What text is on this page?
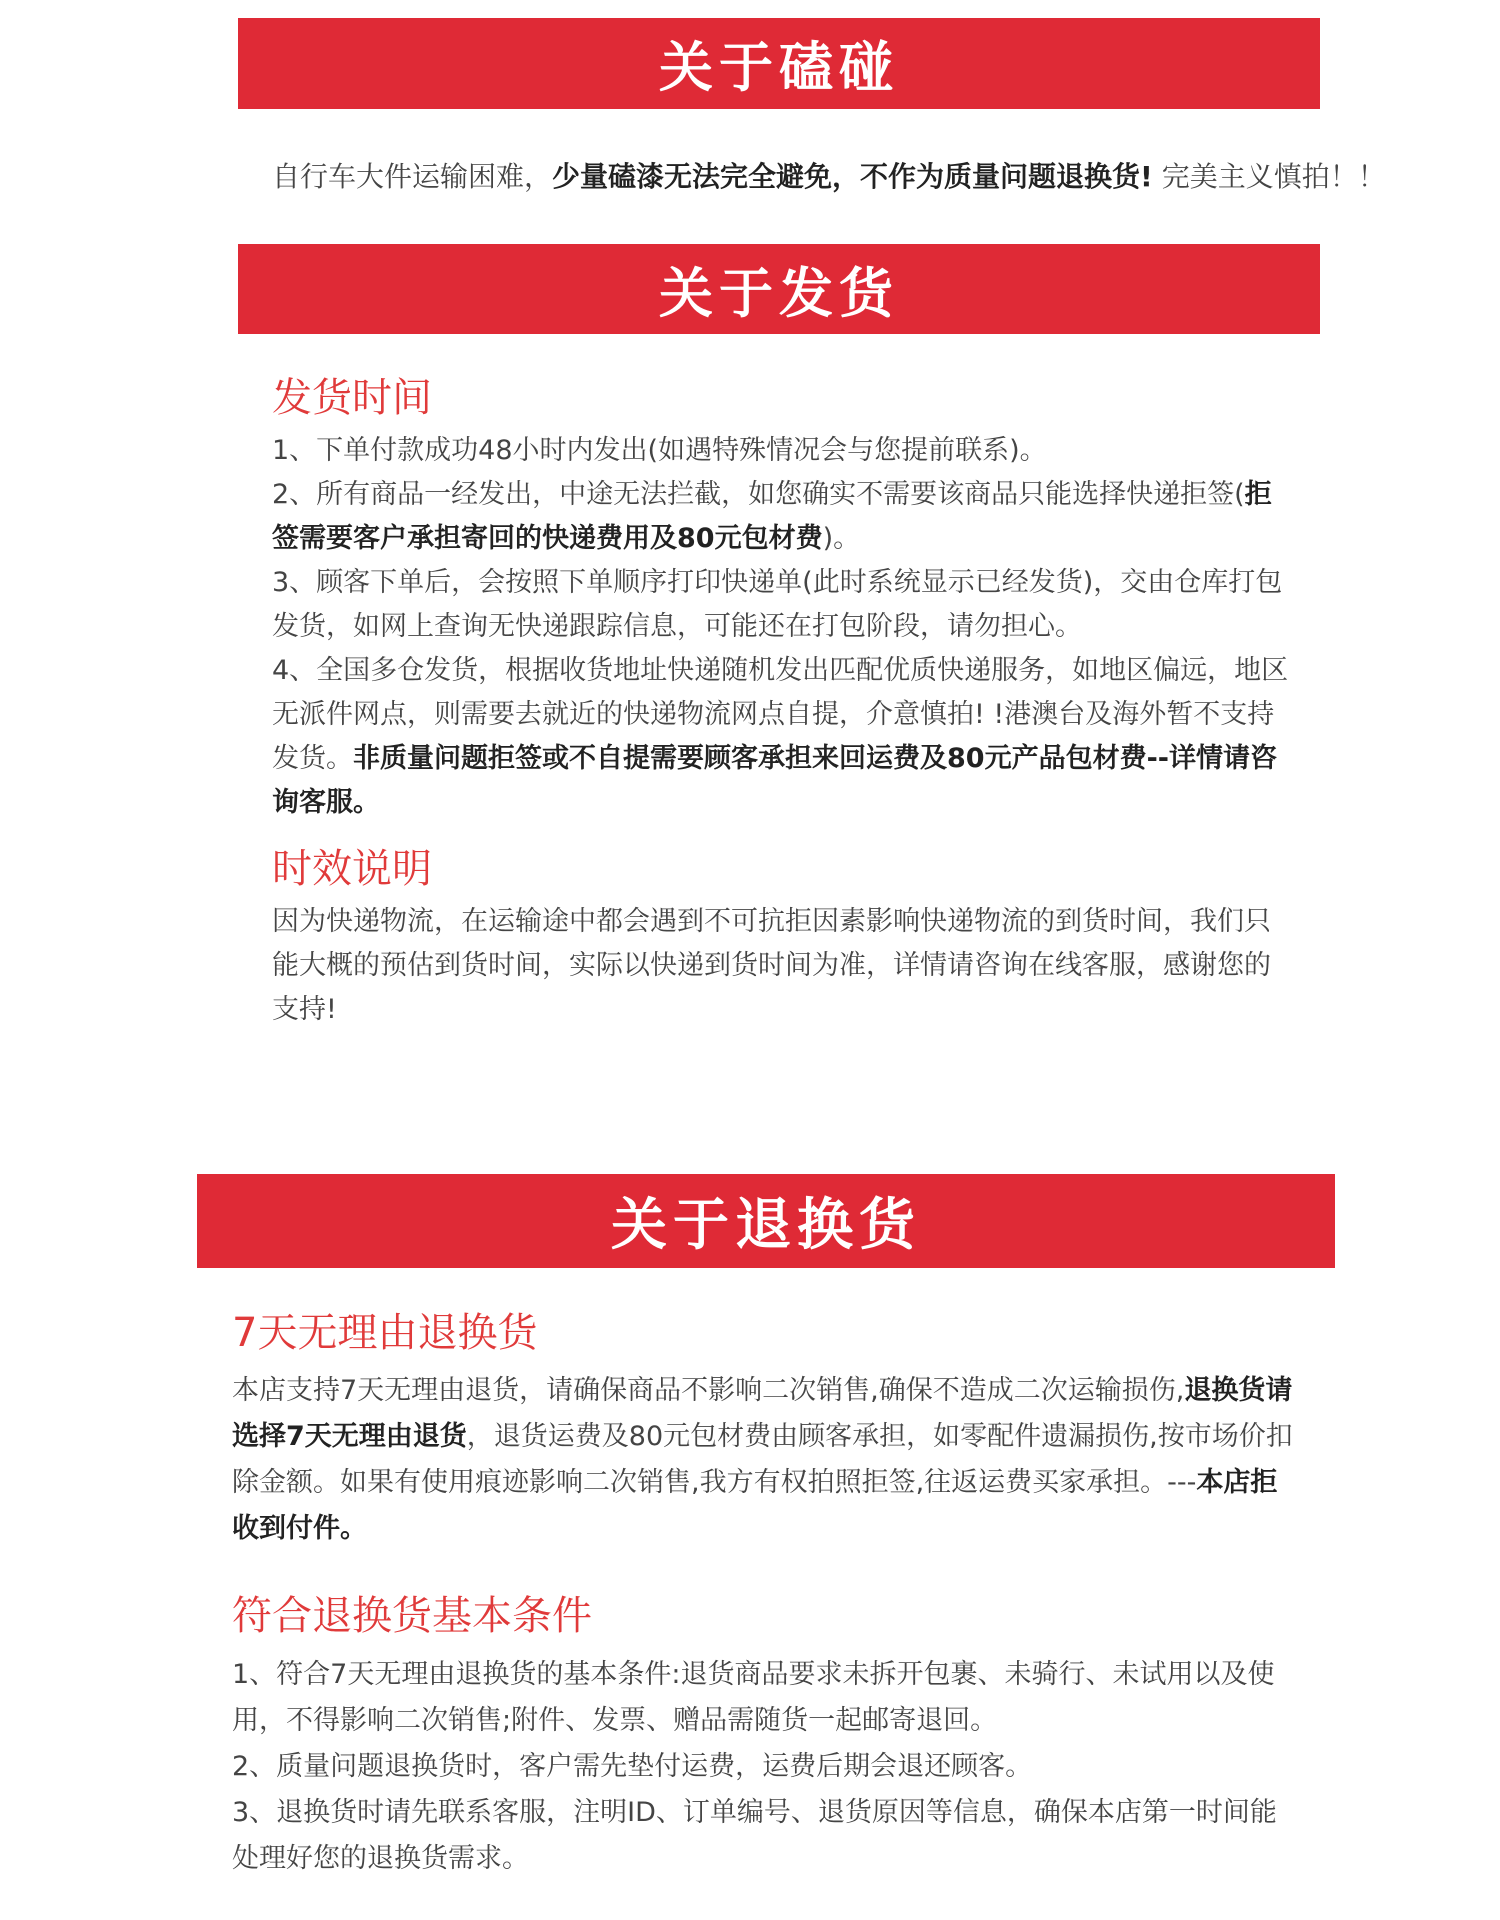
关于磕碰
自行车大件运输困难，少量磕漆无法完全避免，不作为质量问题退换货! 完美主义慎拍！！
关于发货
发货时间

1、下单付款成功48小时内发出(如遇特殊情况会与您提前联系)。

2、所有商品一经发出，中途无法拦截，如您确实不需要该商品只能选择快递拒签(拒签需要客户承担寄回的快递费用及80元包材费)。

3、顾客下单后，会按照下单顺序打印快递单(此时系统显示已经发货)，交由仓库打包发货，如网上查询无快递跟踪信息，可能还在打包阶段，请勿担心。

4、全国多仓发货，根据收货地址快递随机发出匹配优质快递服务，如地区偏远，地区无派件网点，则需要去就近的快递物流网点自提，介意慎拍! !港澳台及海外暂不支持发货。非质量问题拒签或不自提需要顾客承担来回运费及80元产品包材费--详情请咨询客服。

时效说明

因为快递物流，在运输途中都会遇到不可抗拒因素影响快递物流的到货时间，我们只能大概的预估到货时间，实际以快递到货时间为准，详情请咨询在线客服，感谢您的支持!

关于退换货
7天无理由退换货

本店支持7天无理由退货，请确保商品不影响二次销售,确保不造成二次运输损伤,退换货请选择7天无理由退货，退货运费及80元包材费由顾客承担，如零配件遗漏损伤,按市场价扣除金额。如果有使用痕迹影响二次销售,我方有权拍照拒签,往返运费买家承担。---本店拒收到付件。

符合退换货基本条件

1、符合7天无理由退换货的基本条件:退货商品要求未拆开包裹、未骑行、未试用以及使用，不得影响二次销售;附件、发票、赠品需随货一起邮寄退回。

2、质量问题退换货时，客户需先垫付运费，运费后期会退还顾客。

3、退换货时请先联系客服，注明ID、订单编号、退货原因等信息，确保本店第一时间能处理好您的退换货需求。
